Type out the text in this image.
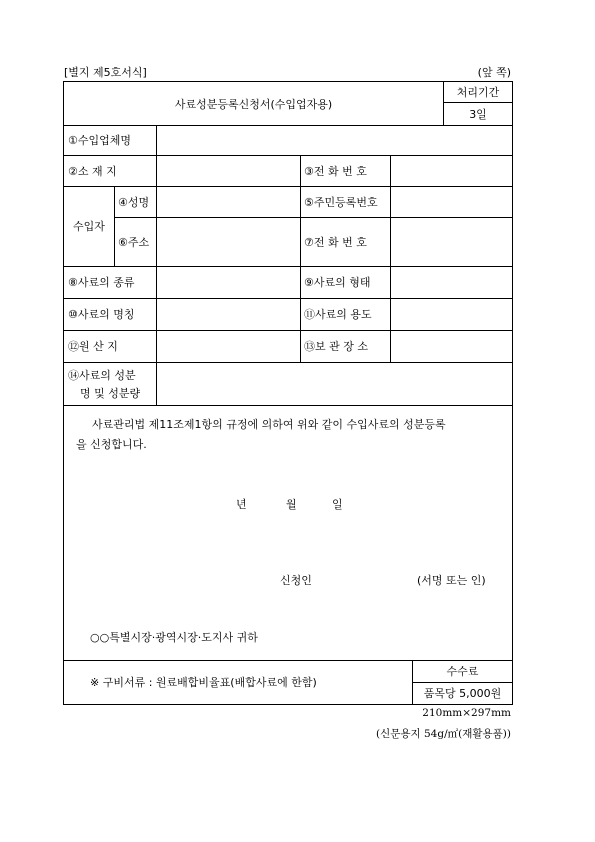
[별지 제5호서식]	(앞 쪽)
사료성분등록신청서(수입업자용)
처리기간
3일
①수입업체명
②소 재 지	③전 화 번 호
수입자
④성명	⑤주민등록번호
⑥주소	⑦전 화 번 호
⑧사료의 종류	⑨사료의 형태
⑩사료의 명칭	⑪사료의 용도
⑫원 산 지	⑬보 관 장 소
⑭사료의 성분
명 및 성분량
사료관리법 제11조제1항의 규정에 의하여 위와 같이 수입사료의 성분등록
을 신청합니다.
년	월	일
신청인	(서명 또는 인)
○○특별시장·광역시장·도지사 귀하
※ 구비서류 : 원료배합비율표(배합사료에 한함)
수수료
품목당 5,000원
210mm×297mm
(신문용지 54g/㎡(재활용품))
